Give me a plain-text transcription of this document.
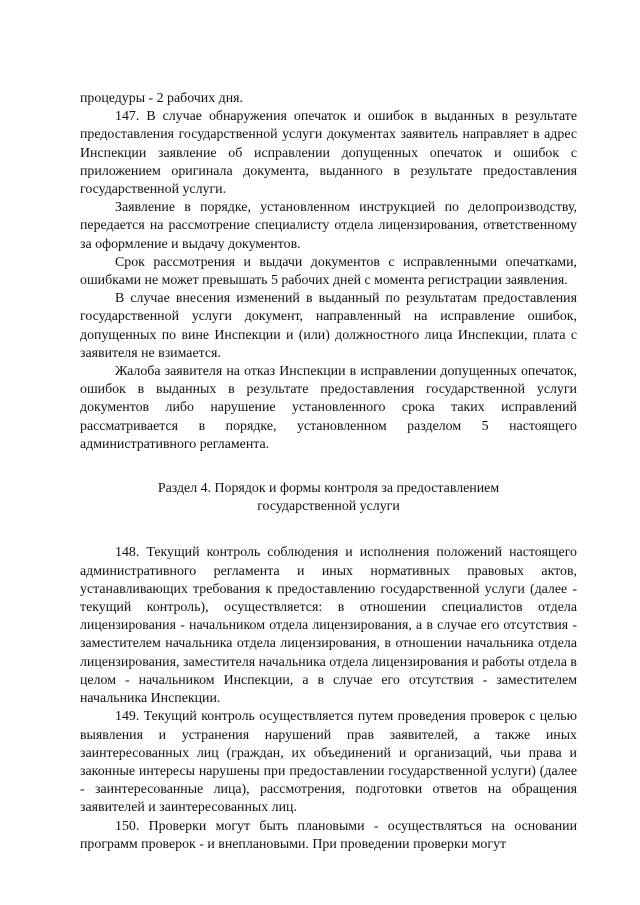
процедуры - 2 рабочих дня.

147. В случае обнаружения опечаток и ошибок в выданных в результате предоставления государственной услуги документах заявитель направляет в адрес Инспекции заявление об исправлении допущенных опечаток и ошибок с приложением оригинала документа, выданного в результате предоставления государственной услуги.

Заявление в порядке, установленном инструкцией по делопроизводству, передается на рассмотрение специалисту отдела лицензирования, ответственному за оформление и выдачу документов.

Срок рассмотрения и выдачи документов с исправленными опечатками, ошибками не может превышать 5 рабочих дней с момента регистрации заявления.

В случае внесения изменений в выданный по результатам предоставления государственной услуги документ, направленный на исправление ошибок, допущенных по вине Инспекции и (или) должностного лица Инспекции, плата с заявителя не взимается.

Жалоба заявителя на отказ Инспекции в исправлении допущенных опечаток, ошибок в выданных в результате предоставления государственной услуги документов либо нарушение установленного срока таких исправлений рассматривается в порядке, установленном разделом 5 настоящего административного регламента.

Раздел 4. Порядок и формы контроля за предоставлением государственной услуги

148. Текущий контроль соблюдения и исполнения положений настоящего административного регламента и иных нормативных правовых актов, устанавливающих требования к предоставлению государственной услуги (далее - текущий контроль), осуществляется: в отношении специалистов отдела лицензирования - начальником отдела лицензирования, а в случае его отсутствия - заместителем начальника отдела лицензирования, в отношении начальника отдела лицензирования, заместителя начальника отдела лицензирования и работы отдела в целом - начальником Инспекции, а в случае его отсутствия - заместителем начальника Инспекции.

149. Текущий контроль осуществляется путем проведения проверок с целью выявления и устранения нарушений прав заявителей, а также иных заинтересованных лиц (граждан, их объединений и организаций, чьи права и законные интересы нарушены при предоставлении государственной услуги) (далее - заинтересованные лица), рассмотрения, подготовки ответов на обращения заявителей и заинтересованных лиц.

150. Проверки могут быть плановыми - осуществляться на основании программ проверок - и внеплановыми. При проведении проверки могут
